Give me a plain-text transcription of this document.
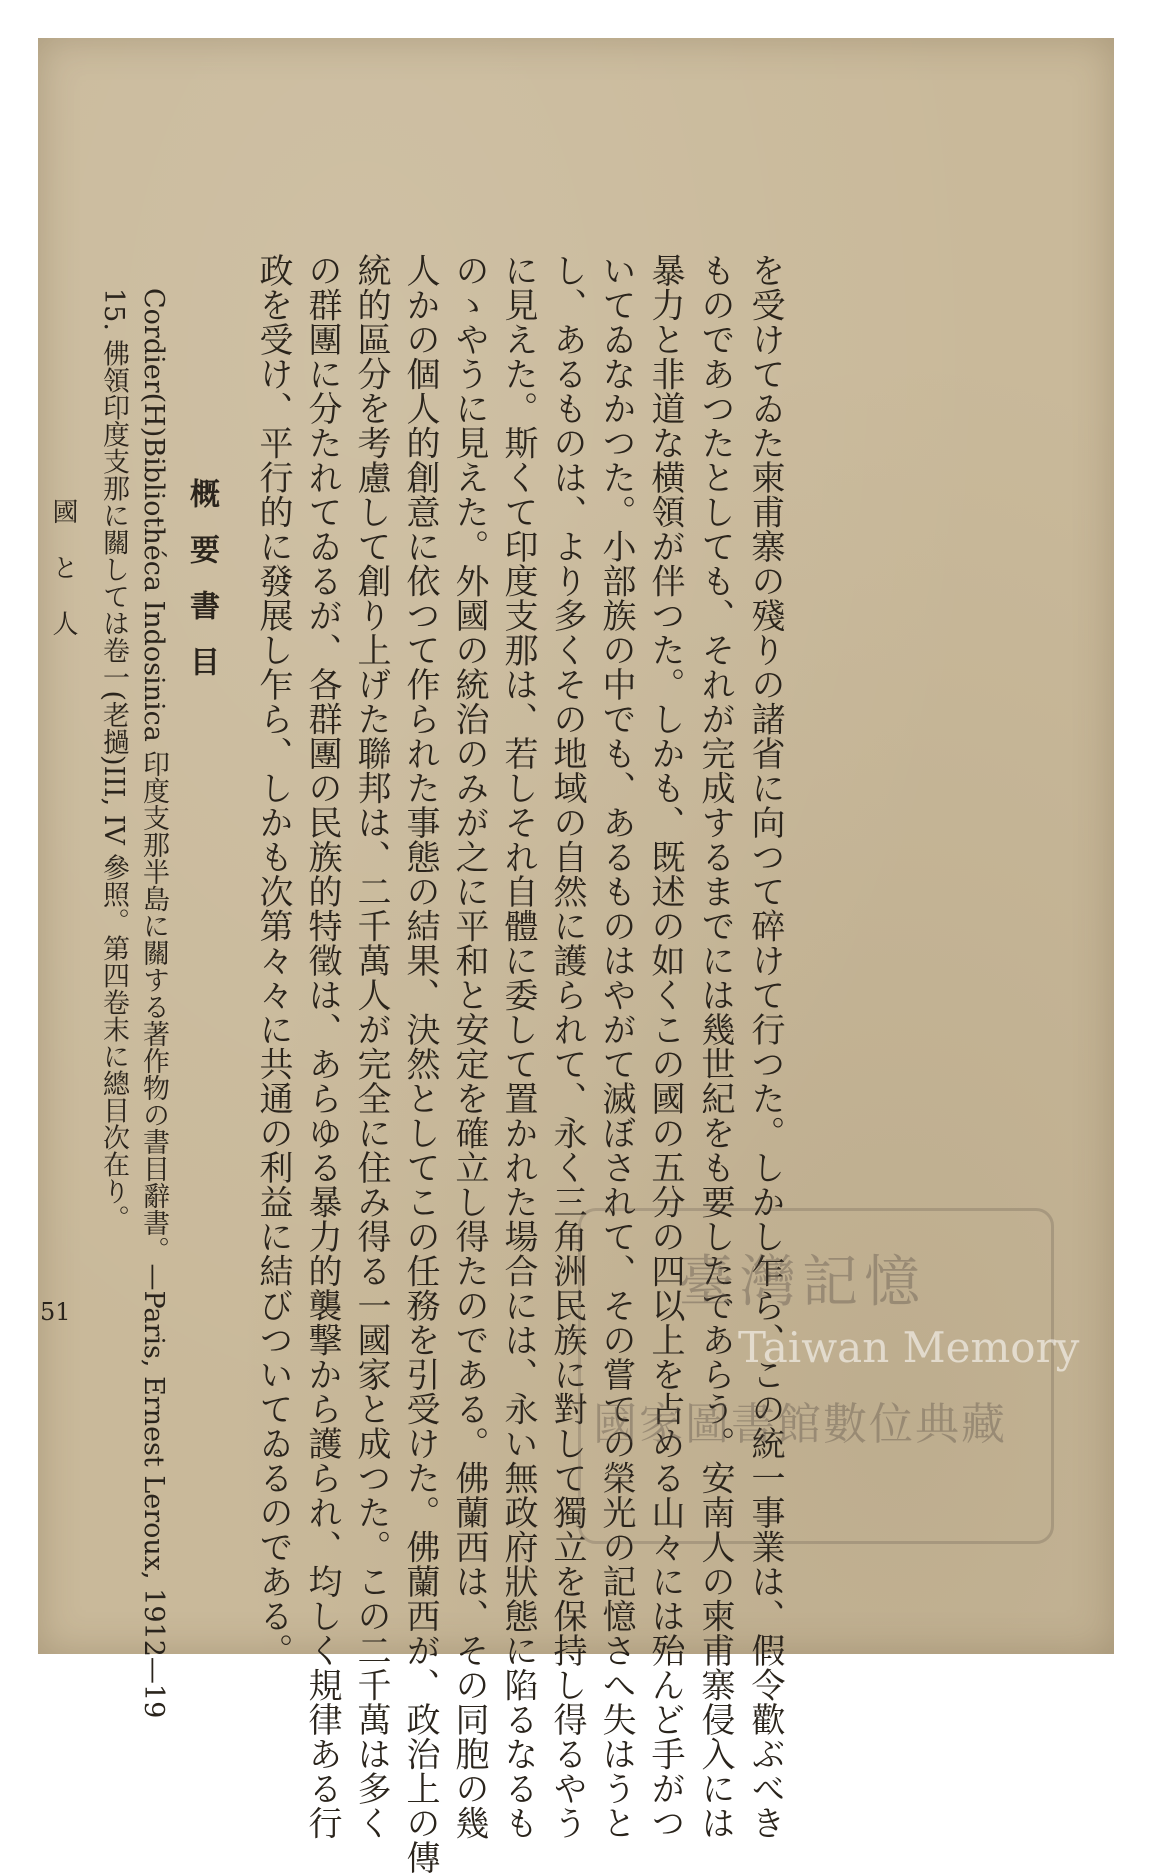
を受けてゐた柬甫寨の殘りの諸省に向つて碎けて行つた。しかし乍ら、この統一事業は、假令歡ぶべき
ものであつたとしても、それが完成するまでには幾世紀をも要したであらう。安南人の柬甫寨侵入には
暴力と非道な横領が伴つた。しかも、既述の如くこの國の五分の四以上を占める山々には殆んど手がつ
いてゐなかつた。小部族の中でも、あるものはやがて滅ぼされて、その嘗ての榮光の記憶さへ失はうと
し、あるものは、より多くその地域の自然に護られて、永く三角洲民族に對して獨立を保持し得るやう
に見えた。斯くて印度支那は、若しそれ自體に委して置かれた場合には、永い無政府狀態に陷るなるも
のゝやうに見えた。外國の統治のみが之に平和と安定を確立し得たのである。佛蘭西は、その同胞の幾
人かの個人的創意に依つて作られた事態の結果、決然としてこの任務を引受けた。佛蘭西が、政治上の傳
統的區分を考慮して創り上げた聯邦は、二千萬人が完全に住み得る一國家と成つた。この二千萬は多く
の群團に分たれてゐるが、各群團の民族的特徵は、あらゆる暴力的襲撃から護られ、均しく規律ある行
政を受け、平行的に發展し乍ら、しかも次第々々に共通の利益に結びついてゐるのである。
概要書目
Cordier(H)Bibliothéca Indosinica 印度支那半島に關する著作物の書目辭書。—Paris, Ernest Leroux, 1912—19
15. 佛領印度支那に關しては卷一(老撾)III, IV 參照。第四卷末に總目次在り。
國と人
51	臺灣記憶
Taiwan Memory
國家圖書館數位典藏
